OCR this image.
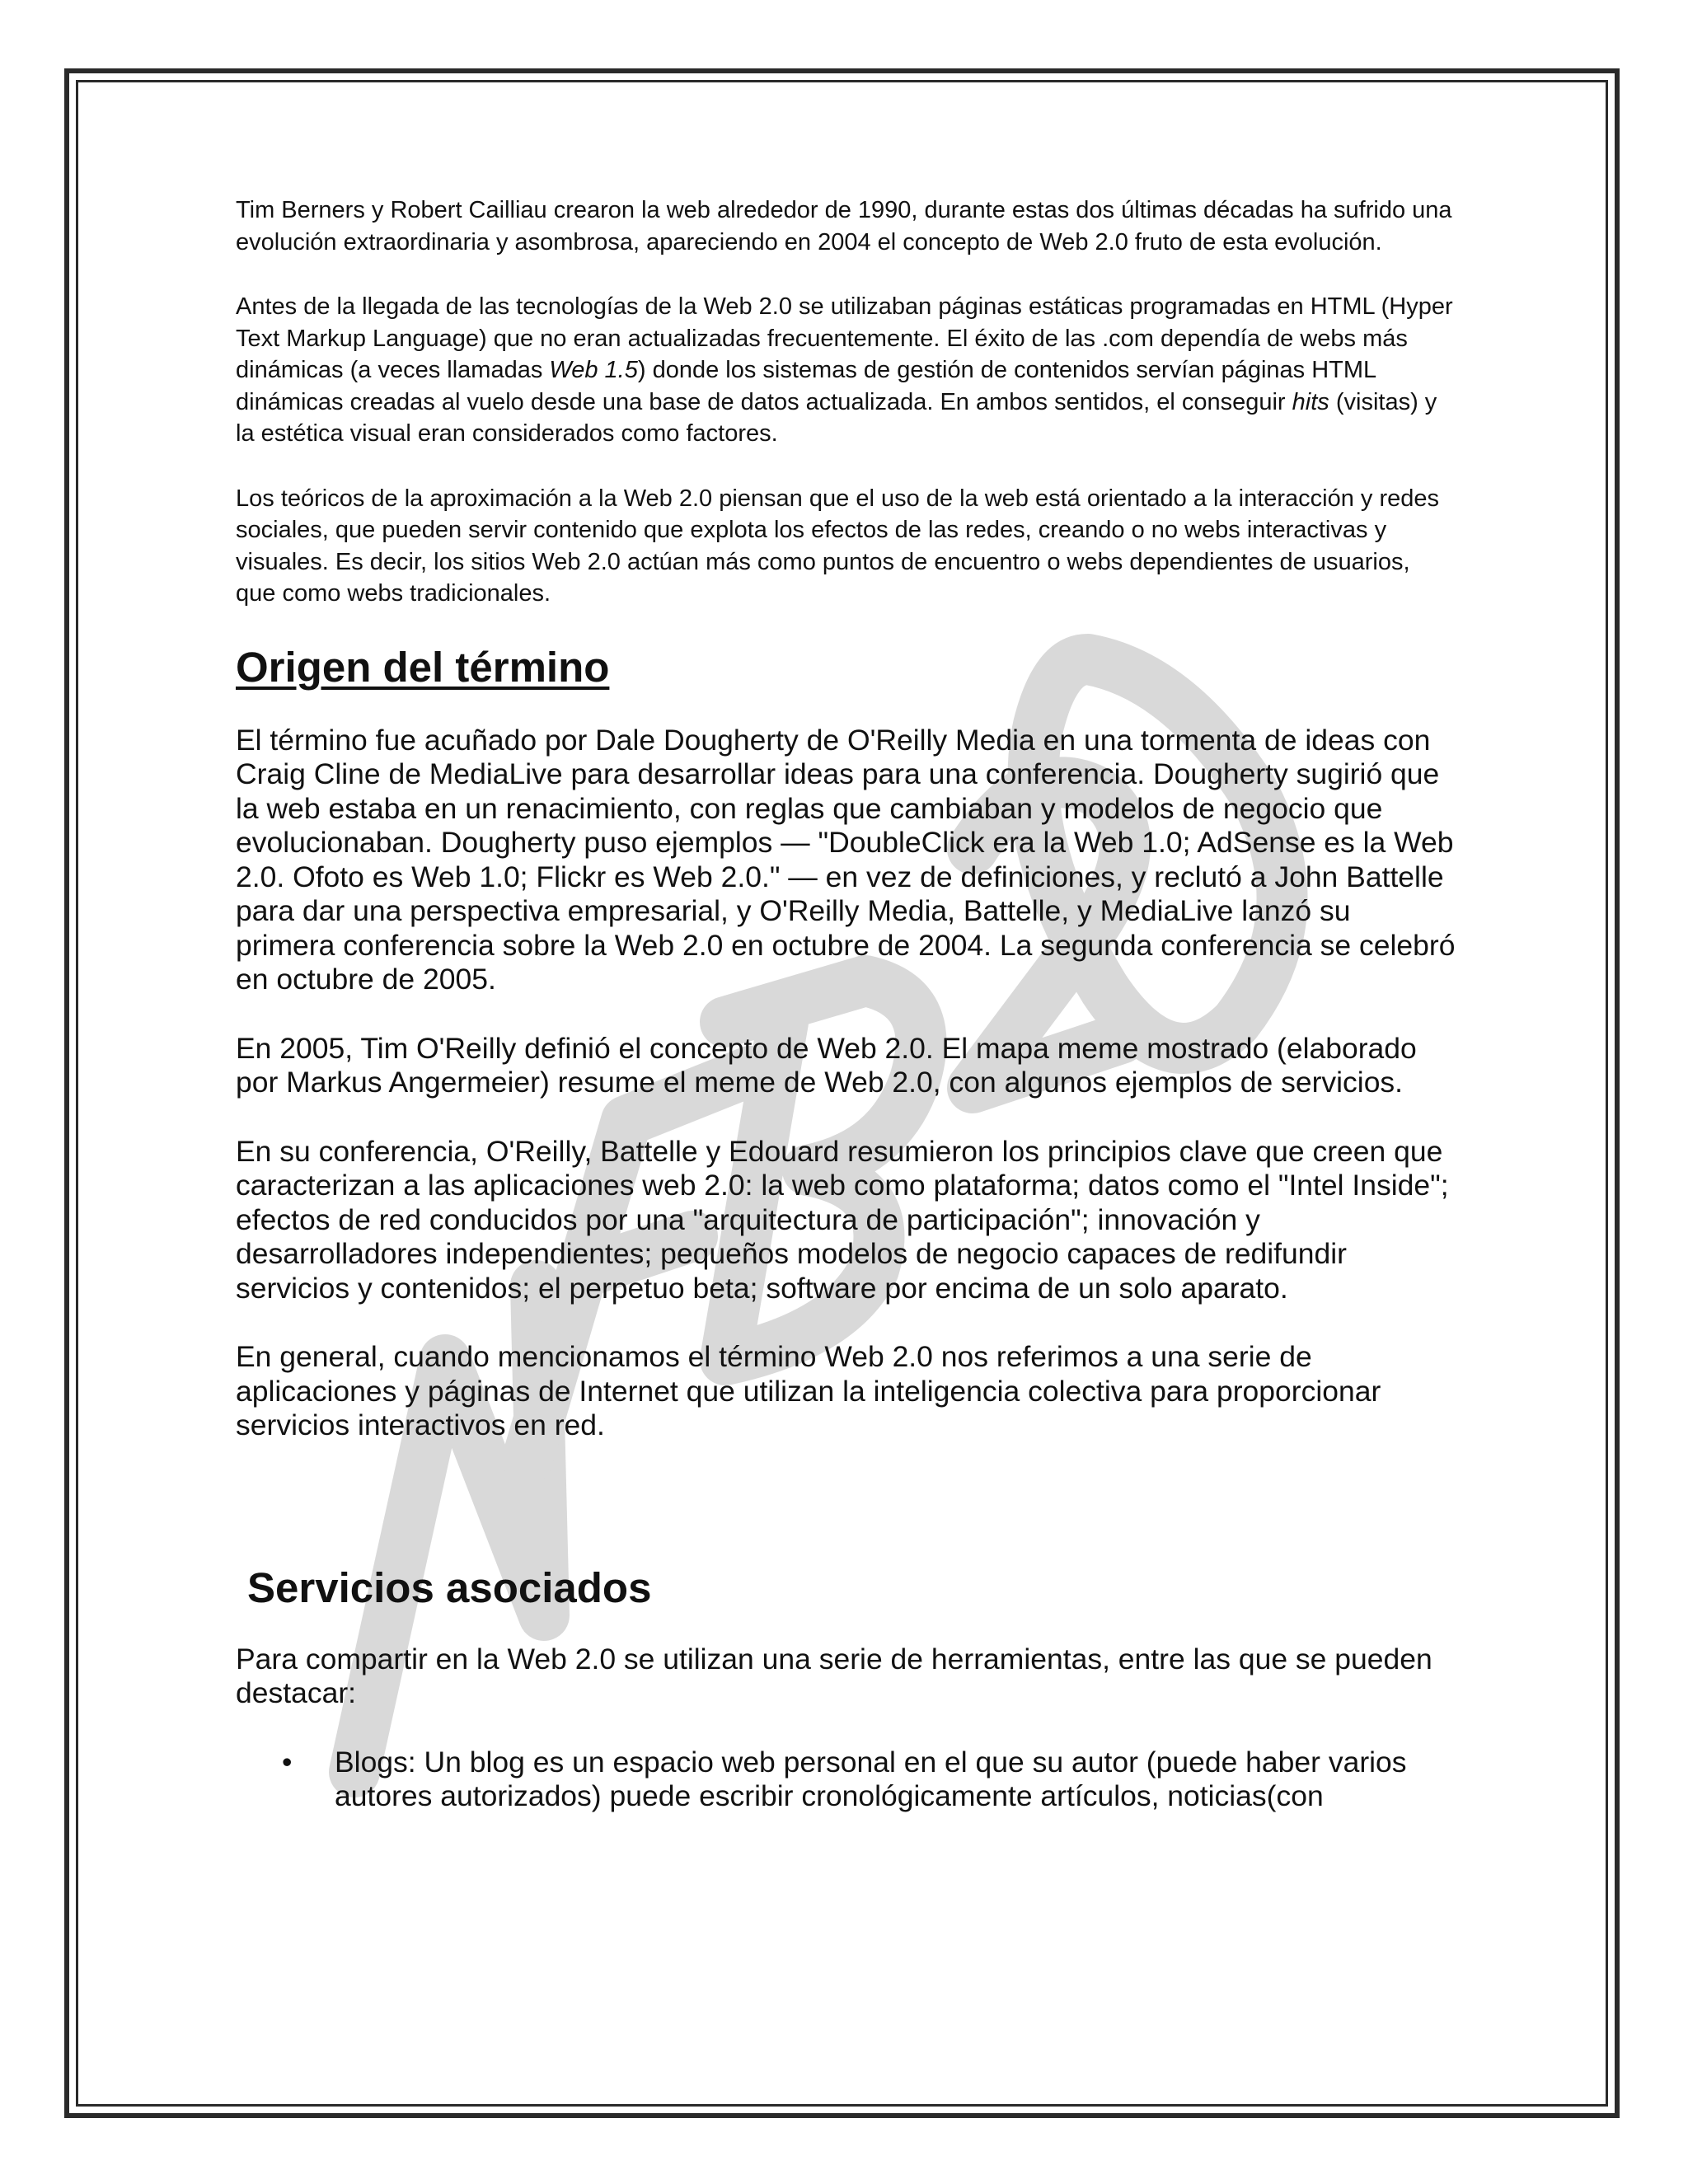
Tim Berners y Robert Cailliau crearon la web alrededor de 1990, durante estas dos últimas décadas ha sufrido una evolución extraordinaria y asombrosa, apareciendo en 2004 el concepto de Web 2.0 fruto de esta evolución.

Antes de la llegada de las tecnologías de la Web 2.0 se utilizaban páginas estáticas programadas en HTML (Hyper Text Markup Language) que no eran actualizadas frecuentemente. El éxito de las .com dependía de webs más dinámicas (a veces llamadas Web 1.5) donde los sistemas de gestión de contenidos servían páginas HTML dinámicas creadas al vuelo desde una base de datos actualizada. En ambos sentidos, el conseguir hits (visitas) y la estética visual eran considerados como factores.

Los teóricos de la aproximación a la Web 2.0 piensan que el uso de la web está orientado a la interacción y redes sociales, que pueden servir contenido que explota los efectos de las redes, creando o no webs interactivas y visuales. Es decir, los sitios Web 2.0 actúan más como puntos de encuentro o webs dependientes de usuarios, que como webs tradicionales.

Origen del término

El término fue acuñado por Dale Dougherty de O'Reilly Media en una tormenta de ideas con Craig Cline de MediaLive para desarrollar ideas para una conferencia. Dougherty sugirió que la web estaba en un renacimiento, con reglas que cambiaban y modelos de negocio que evolucionaban. Dougherty puso ejemplos — "DoubleClick era la Web 1.0; AdSense es la Web 2.0. Ofoto es Web 1.0; Flickr es Web 2.0." — en vez de definiciones, y reclutó a John Battelle para dar una perspectiva empresarial, y O'Reilly Media, Battelle, y MediaLive lanzó su primera conferencia sobre la Web 2.0 en octubre de 2004. La segunda conferencia se celebró en octubre de 2005.

En 2005, Tim O'Reilly definió el concepto de Web 2.0. El mapa meme mostrado (elaborado por Markus Angermeier) resume el meme de Web 2.0, con algunos ejemplos de servicios.

En su conferencia, O'Reilly, Battelle y Edouard resumieron los principios clave que creen que caracterizan a las aplicaciones web 2.0: la web como plataforma; datos como el "Intel Inside"; efectos de red conducidos por una "arquitectura de participación"; innovación y desarrolladores independientes; pequeños modelos de negocio capaces de redifundir servicios y contenidos; el perpetuo beta; software por encima de un solo aparato.

En general, cuando mencionamos el término Web 2.0 nos referimos a una serie de aplicaciones y páginas de Internet que utilizan la inteligencia colectiva para proporcionar servicios interactivos en red.

Servicios asociados

Para compartir en la Web 2.0 se utilizan una serie de herramientas, entre las que se pueden destacar:

• Blogs: Un blog es un espacio web personal en el que su autor (puede haber varios autores autorizados) puede escribir cronológicamente artículos, noticias(con
